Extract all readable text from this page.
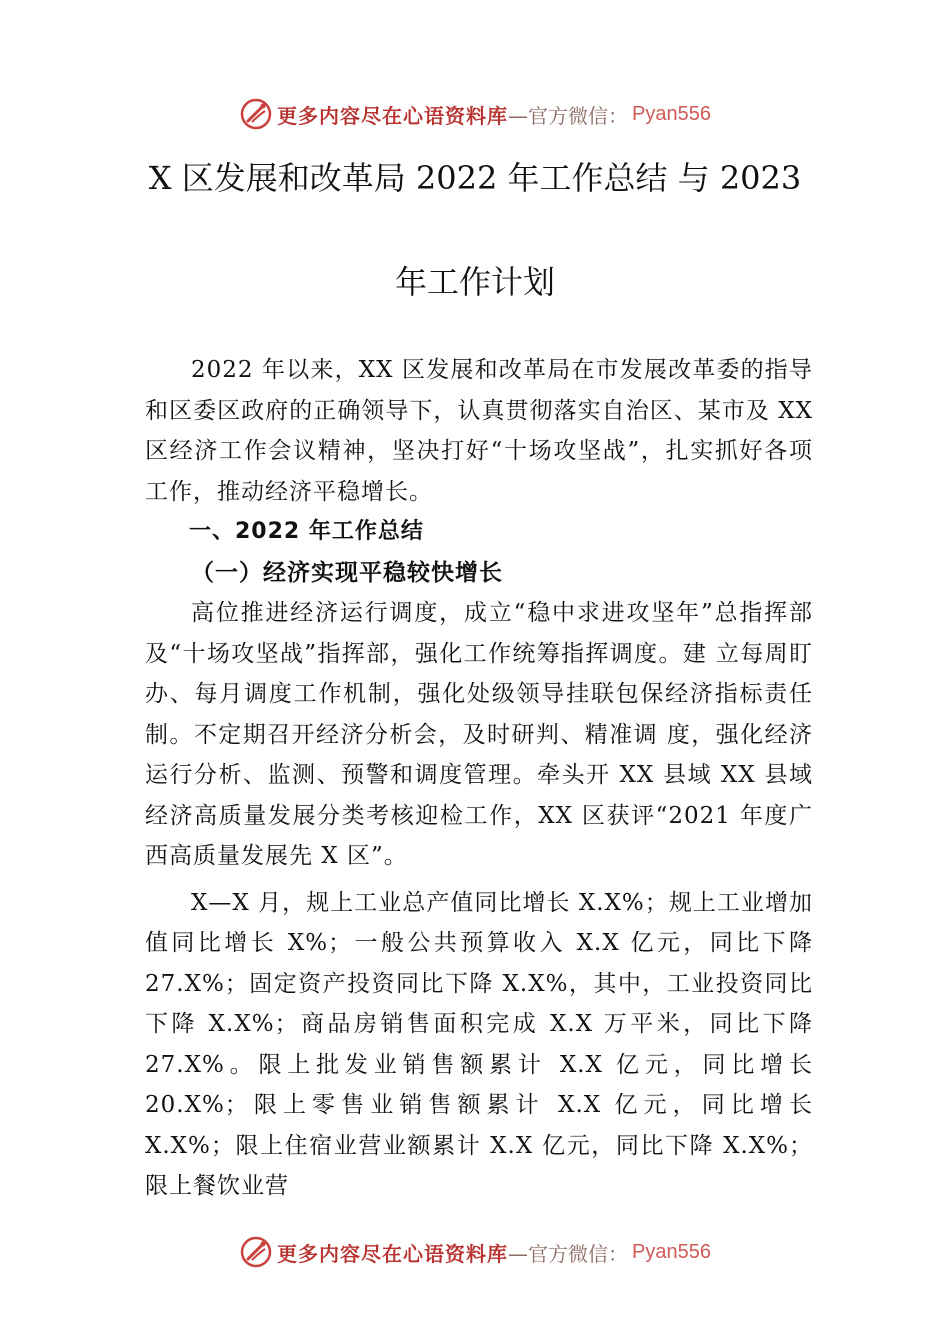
更多内容尽在心语资料库 —官方微信： Pyan556
X 区发展和改革局 2022 年工作总结 与 2023
年工作计划

2022 年以来，XX 区发展和改革局在市发展改革委的指导和区委区政府的正确领导下，认真贯彻落实自治区、某市及 XX 区经济工作会议精神，坚决打好“十场攻坚战”，扎实抓好各项工作，推动经济平稳增长。

一、2022 年工作总结

（一）经济实现平稳较快增长

高位推进经济运行调度，成立“稳中求进攻坚年”总指挥部及“十场攻坚战”指挥部，强化工作统筹指挥调度。建 立每周盯办、每月调度工作机制，强化处级领导挂联包保经济指标责任制。不定期召开经济分析会，及时研判、精准调 度，强化经济运行分析、监测、预警和调度管理。牵头开 XX 县域 XX 县域经济高质量发展分类考核迎检工作，XX 区获评“2021 年度广西高质量发展先 X 区”。

X—X 月，规上工业总产值同比增长 X.X%；规上工业增加值同比增长 X%；一般公共预算收入 X.X 亿元，同比下降 27.X%；固定资产投资同比下降 X.X%，其中，工业投资同比下降 X.X%；商品房销售面积完成 X.X 万平米，同比下降 27.X%。限上批发业销售额累计 X.X 亿元，同比增长 20.X%；限上零售业销售额累计 X.X 亿元，同比增长 X.X%；限上住宿业营业额累计 X.X 亿元，同比下降 X.X%；限上餐饮业营

更多内容尽在心语资料库 —官方微信： Pyan556
